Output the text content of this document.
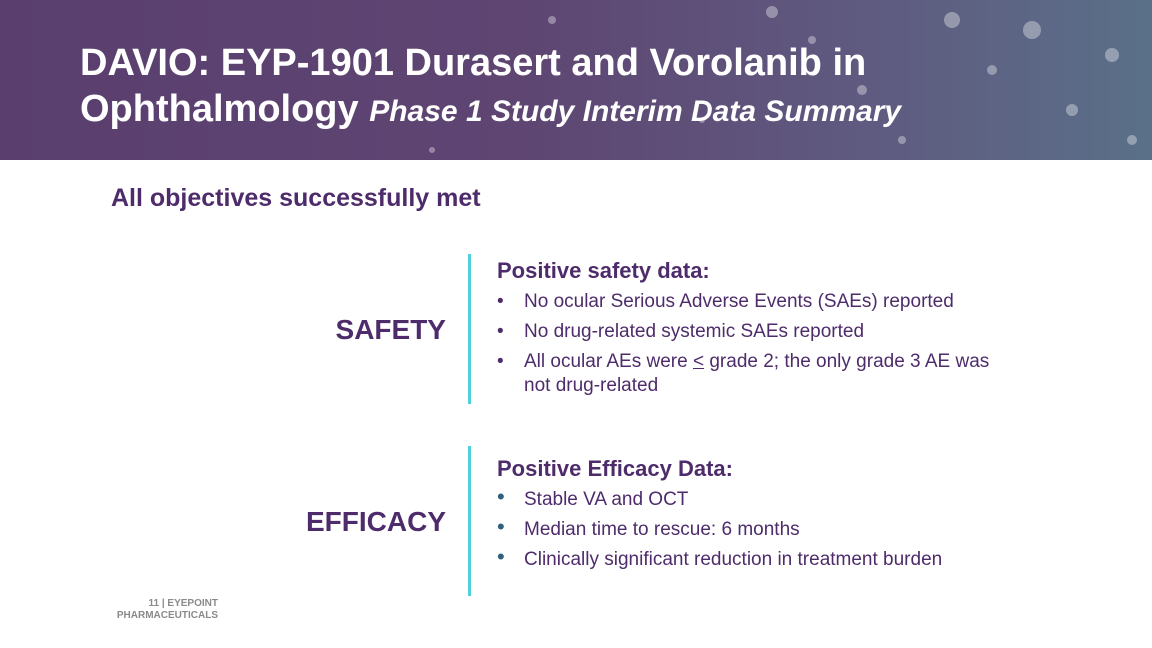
DAVIO: EYP-1901 Durasert and Vorolanib in Ophthalmology Phase 1 Study Interim Data Summary
All objectives successfully met
SAFETY
Positive safety data:
• No ocular Serious Adverse Events (SAEs) reported
• No drug-related systemic SAEs reported
• All ocular AEs were < grade 2; the only grade 3 AE was not drug-related
EFFICACY
Positive Efficacy Data:
• Stable VA and OCT
• Median time to rescue: 6 months
• Clinically significant reduction in treatment burden
11 | EYEPOINT
PHARMACEUTICALS
